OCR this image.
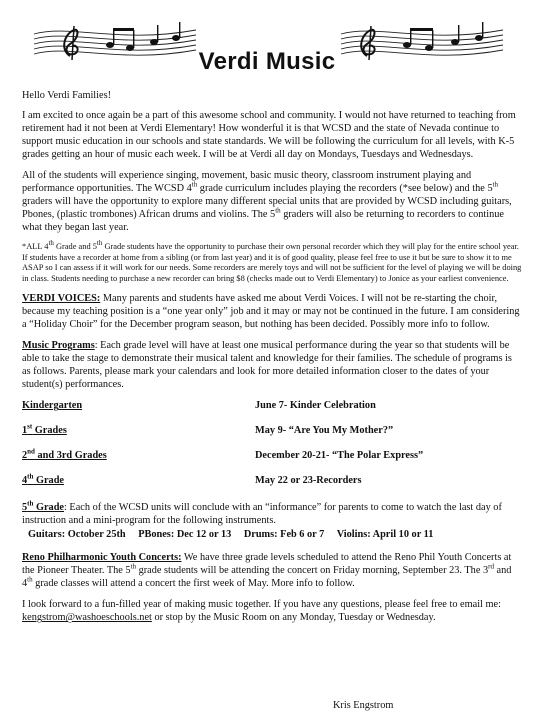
Verdi Music

Hello Verdi Families!

I am excited to once again be a part of this awesome school and community. I would not have returned to teaching from retirement had it not been at Verdi Elementary! How wonderful it is that WCSD and the state of Nevada continue to support music education in our schools and state standards. We will be following the curriculum for all levels, with K-5 grades getting an hour of music each week. I will be at Verdi all day on Mondays, Tuesdays and Wednesdays.

All of the students will experience singing, movement, basic music theory, classroom instrument playing and performance opportunities. The WCSD 4th grade curriculum includes playing the recorders (*see below) and the 5th graders will have the opportunity to explore many different special units that are provided by WCSD including guitars, Pbones, (plastic trombones) African drums and violins. The 5th graders will also be returning to recorders to continue what they began last year.

*ALL 4th Grade and 5th Grade students have the opportunity to purchase their own personal recorder which they will play for the entire school year. If students have a recorder at home from a sibling (or from last year) and it is of good quality, please feel free to use it but be sure to show it to me ASAP so I can assess if it will work for our needs. Some recorders are merely toys and will not be sufficient for the level of playing we will be doing in class. Students needing to purchase a new recorder can bring $8 (checks made out to Verdi Elementary) to Jonice as your earliest convenience.

VERDI VOICES: Many parents and students have asked me about Verdi Voices. I will not be re-starting the choir, because my teaching position is a “one year only” job and it may or may not be continued in the future. I am considering a “Holiday Choir” for the December program season, but nothing has been decided. Possibly more info to follow.

Music Programs: Each grade level will have at least one musical performance during the year so that students will be able to take the stage to demonstrate their musical talent and knowledge for their families. The schedule of programs is as follows. Parents, please mark your calendars and look for more detailed information closer to the dates of your student(s) performances.

Kindergarten	June 7- Kinder Celebration
1st Grades	May 9- “Are You My Mother?”
2nd and 3rd Grades	December 20-21- “The Polar Express”
4th Grade	May 22 or 23-Recorders

5th Grade: Each of the WCSD units will conclude with an “informance” for parents to come to watch the last day of instruction and a mini-program for the following instruments.

Guitars: October 25th PBones: Dec 12 or 13 Drums: Feb 6 or 7 Violins: April 10 or 11

Reno Philharmonic Youth Concerts: We have three grade levels scheduled to attend the Reno Phil Youth Concerts at the Pioneer Theater. The 5th grade students will be attending the concert on Friday morning, September 23. The 3rd and 4th grade classes will attend a concert the first week of May. More info to follow.

I look forward to a fun-filled year of making music together. If you have any questions, please feel free to email me: kengstrom@washoeschools.net or stop by the Music Room on any Monday, Tuesday or Wednesday.

Kris Engstrom
